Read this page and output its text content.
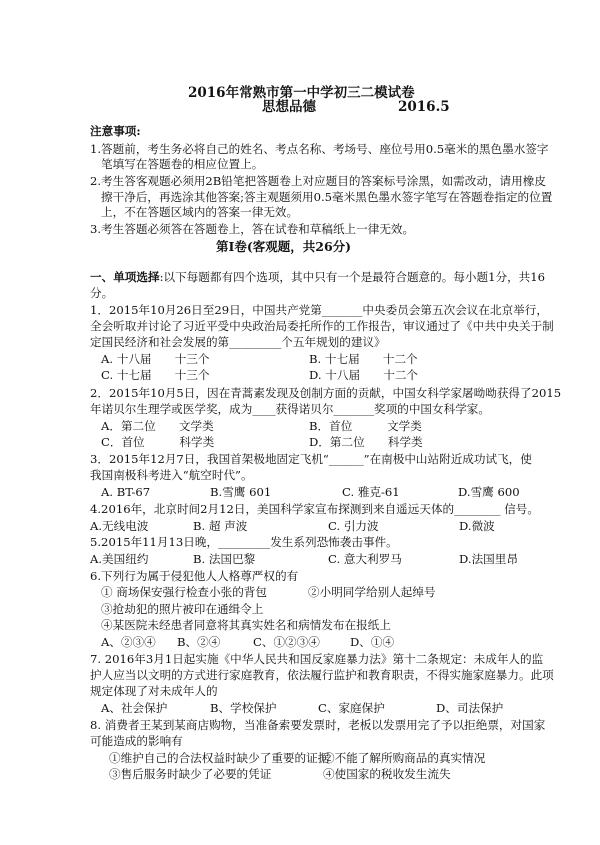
2016年常熟市第一中学初三二模试卷
思想品德	2016.5
注意事项:
1.答题前，考生务必将自己的姓名、考点名称、考场号、座位号用0.5毫米的黑色墨水签字
笔填写在答题卷的相应位置上。
2.考生答客观题必须用2B铅笔把答题卷上对应题目的答案标号涂黑，如需改动，请用橡皮
擦干净后，再选涂其他答案;答主观题须用0.5毫米黑色墨水签字笔写在答题卷指定的位置
上，不在答题区域内的答案一律无效。
3.考生答题必须答在答题卷上，答在试卷和草稿纸上一律无效。
第Ⅰ卷(客观题，共26分)
一、单项选择:以下每题都有四个选项，其中只有一个是最符合题意的。每小题1分，共16
分。
1．2015年10月26日至29日，中国共产党第_______中央委员会第五次会议在北京举行，
全会听取并讨论了习近平受中央政治局委托所作的工作报告，审议通过了《中共中央关于制
定国民经济和社会发展的第_________个五年规划的建议》
A. 十八届　　十三个	B. 十七届　　十二个
C. 十七届　　十三个	D. 十八届　　十二个
2．2015年10月5日，因在青蒿素发现及创制方面的贡献，中国女科学家屠呦呦获得了2015
年诺贝尔生理学或医学奖，成为____获得诺贝尔_______奖项的中国女科学家。
A．第二位　　文学类	B．首位　　　文学类
C．首位　　　科学类	D．第二位　　科学类
3．2015年12月7日，我国首架极地固定飞机“______”在南极中山站附近成功试飞，使
我国南极科考进入“航空时代”。
A. BT-67	B.雪鹰 601	C. 雅克-61	D.雪鹰 600
4.2016年，北京时间2月12日，美国科学家宣布探测到来自遥远天体的________ 信号。
A.无线电波	B. 超 声波	C. 引力波	D.微波
5.2015年11月13日晚，_________发生系列恐怖袭击事件。
A.美国纽约	B. 法国巴黎	C. 意大利罗马	D.法国里昂
6.下列行为属于侵犯他人人格尊严权的有
① 商场保安强行检查小张的背包	②小明同学给别人起绰号
③抢劫犯的照片被印在通缉令上
④某医院未经患者同意将其真实姓名和病情发布在报纸上
A、②③④ B、②④	C、①②③④	D、①④
7. 2016年3月1日起实施《中华人民共和国反家庭暴力法》第十二条规定：未成年人的监
护人应当以文明的方式进行家庭教育，依法履行监护和教育职责，不得实施家庭暴力。此项
规定体现了对未成年人的
A、社会保护	B、学校保护	C、家庭保护	D、司法保护
8. 消费者王某到某商店购物，当准备索要发票时，老板以发票用完了予以拒绝票，对国家
可能造成的影响有
①维护自己的合法权益时缺少了重要的证据
②不能了解所购商品的真实情况
③售后服务时缺少了必要的凭证	④使国家的税收发生流失
